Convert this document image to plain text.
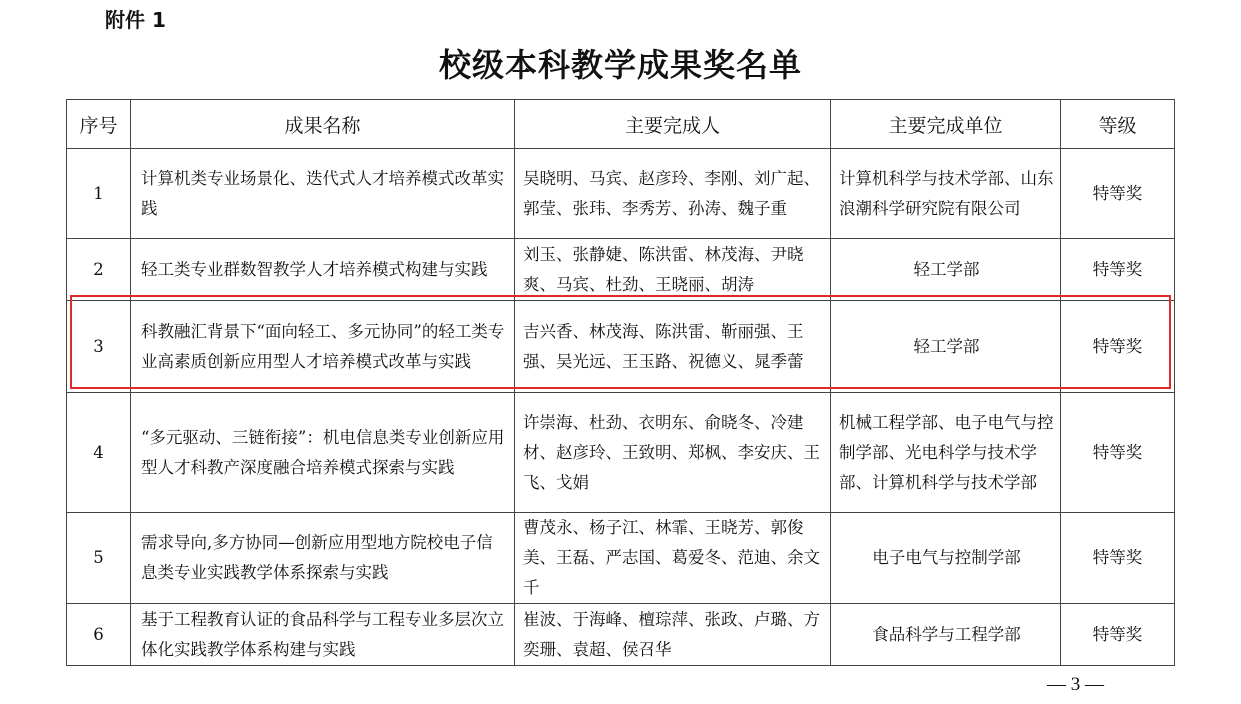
附件 1
校级本科教学成果奖名单
序号	成果名称	主要完成人	主要完成单位	等级
1	计算机类专业场景化、迭代式人才培养模式改革实践	吴晓明、马宾、赵彦玲、李刚、刘广起、郭莹、张玮、李秀芳、孙涛、魏子重	计算机科学与技术学部、山东浪潮科学研究院有限公司	特等奖
2	轻工类专业群数智教学人才培养模式构建与实践	刘玉、张静婕、陈洪雷、林茂海、尹晓爽、马宾、杜劲、王晓丽、胡涛	轻工学部	特等奖
3	科教融汇背景下“面向轻工、多元协同”的轻工类专业高素质创新应用型人才培养模式改革与实践	吉兴香、林茂海、陈洪雷、靳丽强、王强、吴光远、王玉路、祝德义、晁季蕾	轻工学部	特等奖
4	“多元驱动、三链衔接”：机电信息类专业创新应用型人才科教产深度融合培养模式探索与实践	许崇海、杜劲、衣明东、俞晓冬、冷建材、赵彦玲、王致明、郑枫、李安庆、王飞、戈娟	机械工程学部、电子电气与控制学部、光电科学与技术学部、计算机科学与技术学部	特等奖
5	需求导向,多方协同—创新应用型地方院校电子信息类专业实践教学体系探索与实践	曹茂永、杨子江、林霏、王晓芳、郭俊美、王磊、严志国、葛爱冬、范迪、余文千	电子电气与控制学部	特等奖
6	基于工程教育认证的食品科学与工程专业多层次立体化实践教学体系构建与实践	崔波、于海峰、檀琮萍、张政、卢璐、方奕珊、袁超、侯召华	食品科学与工程学部	特等奖
— 3 —
